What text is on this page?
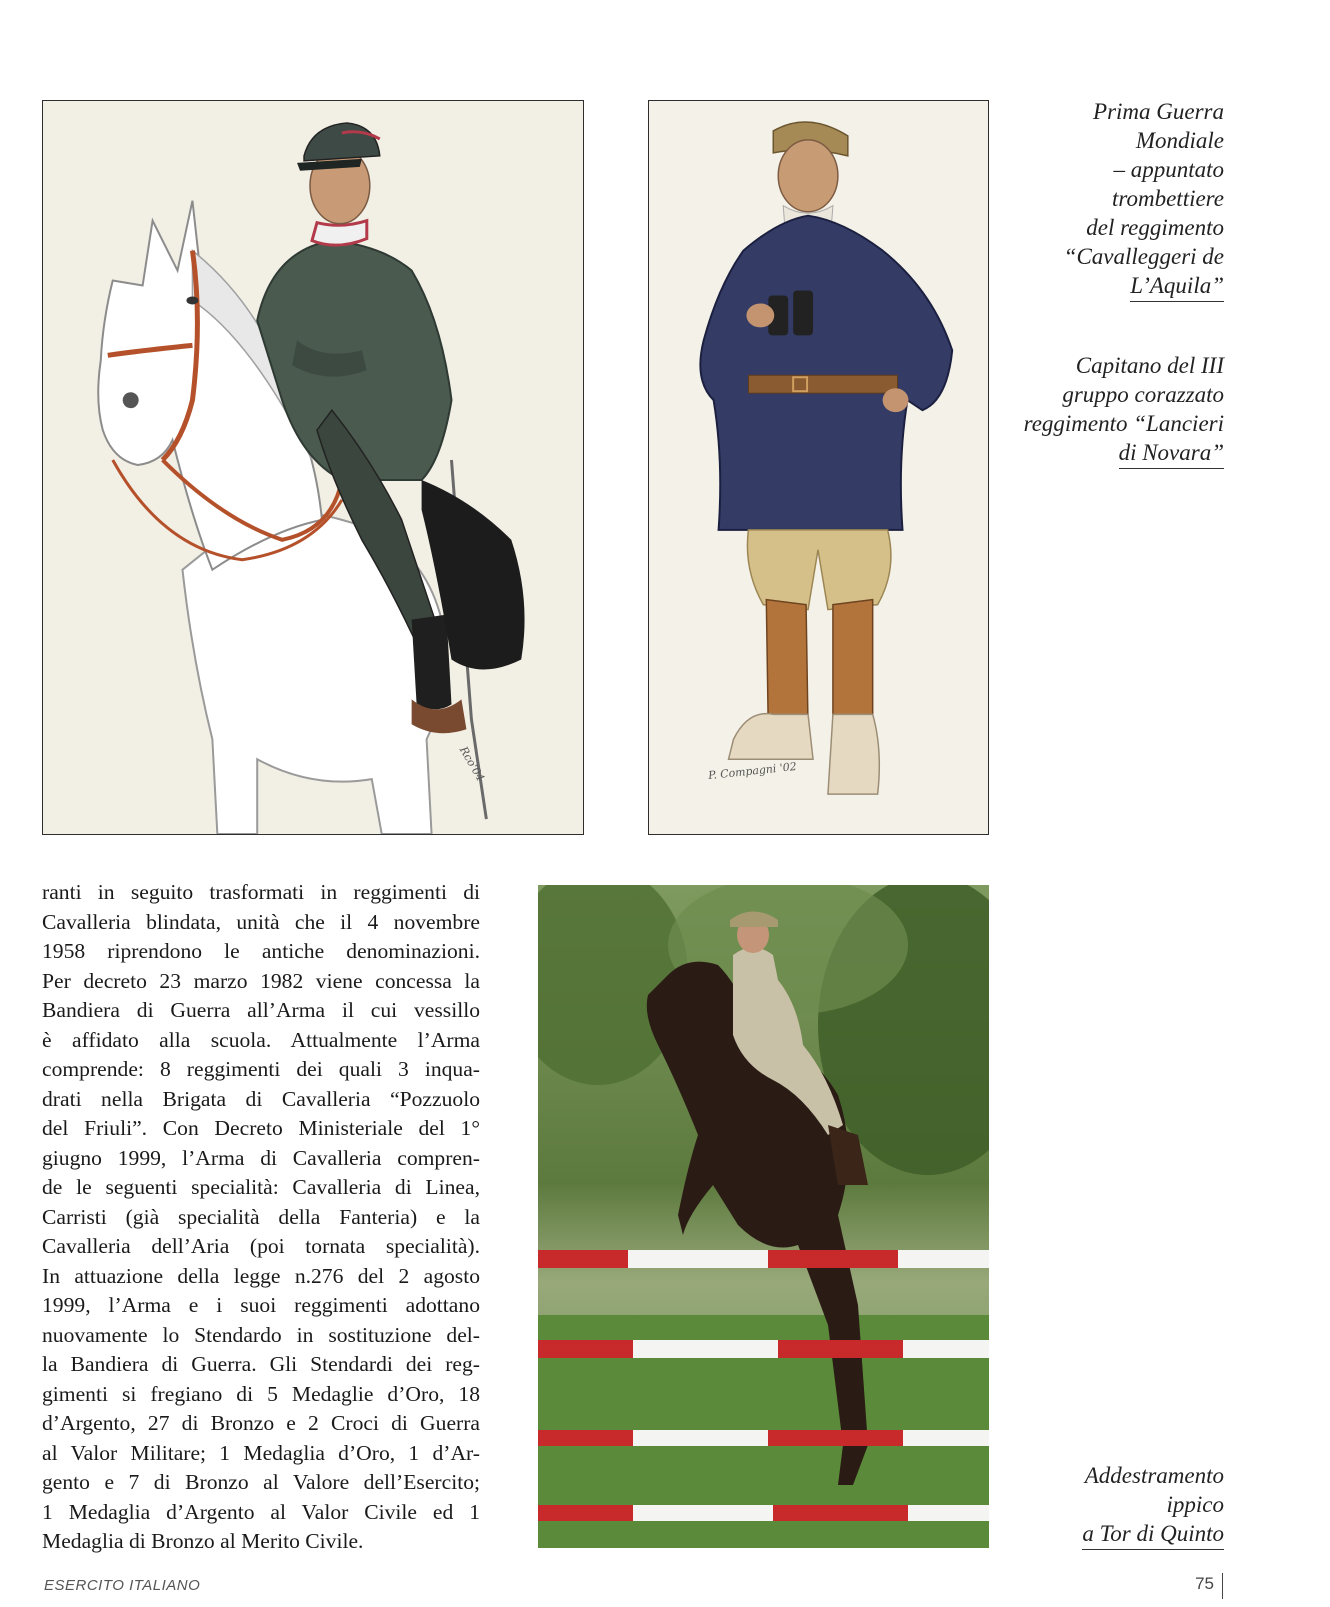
Rco'04	P. Compagni '02
Prima Guerra
Mondiale
– appuntato
trombettiere
del reggimento
“Cavalleggeri de
L’Aquila”
Capitano del III
gruppo corazzato
reggimento “Lancieri
di Novara”
ranti in seguito trasformati in reggimenti di
Cavalleria blindata, unità che il 4 novembre
1958 riprendono le antiche denominazioni.
Per decreto 23 marzo 1982 viene concessa la
Bandiera di Guerra all’Arma il cui vessillo
è affidato alla scuola. Attualmente l’Arma
comprende: 8 reggimenti dei quali 3 inqua-
drati nella Brigata di Cavalleria “Pozzuolo
del Friuli”. Con Decreto Ministeriale del 1°
giugno 1999, l’Arma di Cavalleria compren-
de le seguenti specialità: Cavalleria di Linea,
Carristi (già specialità della Fanteria) e la
Cavalleria dell’Aria (poi tornata specialità).
In attuazione della legge n.276 del 2 agosto
1999, l’Arma e i suoi reggimenti adottano
nuovamente lo Stendardo in sostituzione del-
la Bandiera di Guerra. Gli Stendardi dei reg-
gimenti si fregiano di 5 Medaglie d’Oro, 18
d’Argento, 27 di Bronzo e 2 Croci di Guerra
al Valor Militare; 1 Medaglia d’Oro, 1 d’Ar-
gento e 7 di Bronzo al Valore dell’Esercito;
1 Medaglia d’Argento al Valor Civile ed 1
Medaglia di Bronzo al Merito Civile.
Addestramento
ippico
a Tor di Quinto
ESERCITO ITALIANO	75
